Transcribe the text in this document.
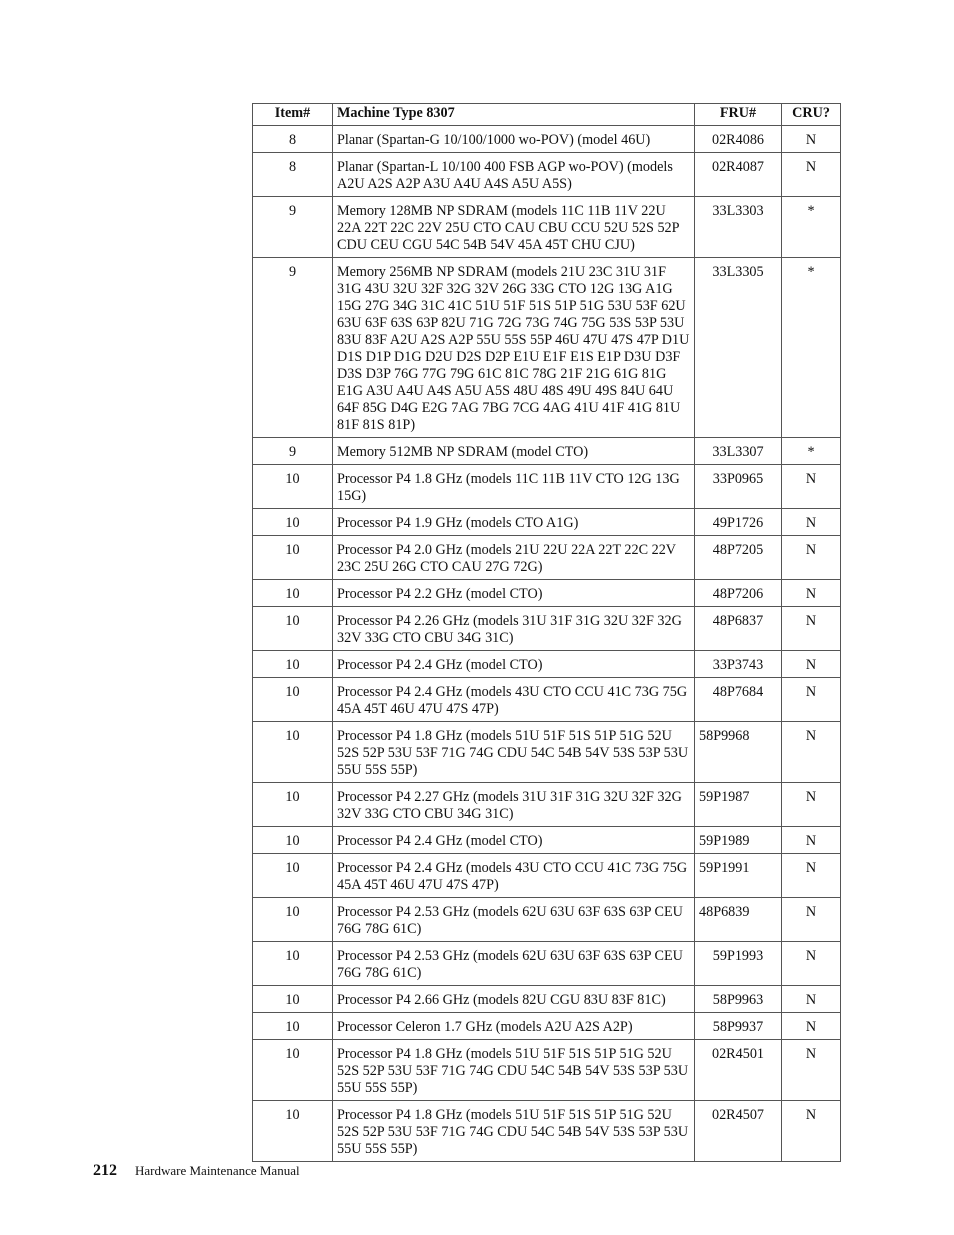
Item#	Machine Type 8307	FRU#	CRU?
8	Planar (Spartan-G 10/100/1000 wo-POV) (model 46U)	02R4086	N
8	Planar (Spartan-L 10/100 400 FSB AGP wo-POV) (models A2U A2S A2P A3U A4U A4S A5U A5S)	02R4087	N
9	Memory 128MB NP SDRAM (models 11C 11B 11V 22U 22A 22T 22C 22V 25U CTO CAU CBU CCU 52U 52S 52P CDU CEU CGU 54C 54B 54V 45A 45T CHU CJU)	33L3303	*
9	Memory 256MB NP SDRAM (models 21U 23C 31U 31F 31G 43U 32U 32F 32G 32V 26G 33G CTO 12G 13G A1G 15G 27G 34G 31C 41C 51U 51F 51S 51P 51G 53U 53F 62U 63U 63F 63S 63P 82U 71G 72G 73G 74G 75G 53S 53P 53U 83U 83F A2U A2S A2P 55U 55S 55P 46U 47U 47S 47P D1U D1S D1P D1G D2U D2S D2P E1U E1F E1S E1P D3U D3F D3S D3P 76G 77G 79G 61C 81C 78G 21F 21G 61G 81G E1G A3U A4U A4S A5U A5S 48U 48S 49U 49S 84U 64U 64F 85G D4G E2G 7AG 7BG 7CG 4AG 41U 41F 41G 81U 81F 81S 81P)	33L3305	*
9	Memory 512MB NP SDRAM (model CTO)	33L3307	*
10	Processor P4 1.8 GHz (models 11C 11B 11V CTO 12G 13G 15G)	33P0965	N
10	Processor P4 1.9 GHz (models CTO A1G)	49P1726	N
10	Processor P4 2.0 GHz (models 21U 22U 22A 22T 22C 22V 23C 25U 26G CTO CAU 27G 72G)	48P7205	N
10	Processor P4 2.2 GHz (model CTO)	48P7206	N
10	Processor P4 2.26 GHz (models 31U 31F 31G 32U 32F 32G 32V 33G CTO CBU 34G 31C)	48P6837	N
10	Processor P4 2.4 GHz (model CTO)	33P3743	N
10	Processor P4 2.4 GHz (models 43U CTO CCU 41C 73G 75G 45A 45T 46U 47U 47S 47P)	48P7684	N
10	Processor P4 1.8 GHz (models 51U 51F 51S 51P 51G 52U 52S 52P 53U 53F 71G 74G CDU 54C 54B 54V 53S 53P 53U 55U 55S 55P)	58P9968	N
10	Processor P4 2.27 GHz (models 31U 31F 31G 32U 32F 32G 32V 33G CTO CBU 34G 31C)	59P1987	N
10	Processor P4 2.4 GHz (model CTO)	59P1989	N
10	Processor P4 2.4 GHz (models 43U CTO CCU 41C 73G 75G 45A 45T 46U 47U 47S 47P)	59P1991	N
10	Processor P4 2.53 GHz (models 62U 63U 63F 63S 63P CEU 76G 78G 61C)	48P6839	N
10	Processor P4 2.53 GHz (models 62U 63U 63F 63S 63P CEU 76G 78G 61C)	59P1993	N
10	Processor P4 2.66 GHz (models 82U CGU 83U 83F 81C)	58P9963	N
10	Processor Celeron 1.7 GHz (models A2U A2S A2P)	58P9937	N
10	Processor P4 1.8 GHz (models 51U 51F 51S 51P 51G 52U 52S 52P 53U 53F 71G 74G CDU 54C 54B 54V 53S 53P 53U 55U 55S 55P)	02R4501	N
10	Processor P4 1.8 GHz (models 51U 51F 51S 51P 51G 52U 52S 52P 53U 53F 71G 74G CDU 54C 54B 54V 53S 53P 53U 55U 55S 55P)	02R4507	N
212 Hardware Maintenance Manual
